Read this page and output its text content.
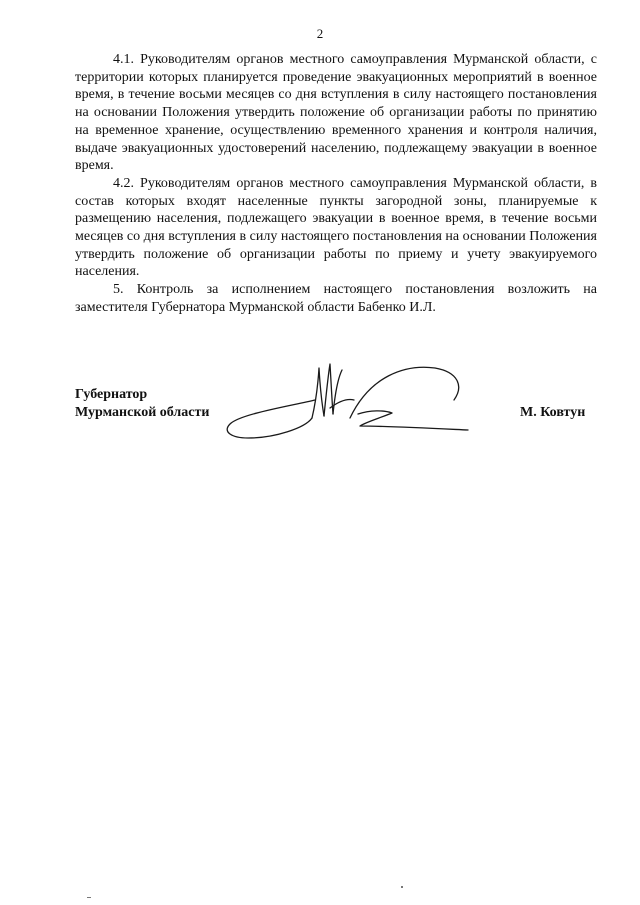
2

4.1. Руководителям органов местного самоуправления Мурманской области, с территории которых планируется проведение эвакуационных мероприятий в военное время, в течение восьми месяцев со дня вступления в силу настоящего постановления на основании Положения утвердить положение об организации работы по принятию на временное хранение, осуществлению временного хранения и контроля наличия, выдаче эвакуационных удостоверений населению, подлежащему эвакуации в военное время.

4.2. Руководителям органов местного самоуправления Мурманской области, в состав которых входят населенные пункты загородной зоны, планируемые к размещению населения, подлежащего эвакуации в военное время, в течение восьми месяцев со дня вступления в силу настоящего постановления на основании Положения утвердить положение об организации работы по приему и учету эвакуируемого населения.

5. Контроль за исполнением настоящего постановления возложить на заместителя Губернатора Мурманской области Бабенко И.Л.

Губернатор
Мурманской области	М. Ковтун
